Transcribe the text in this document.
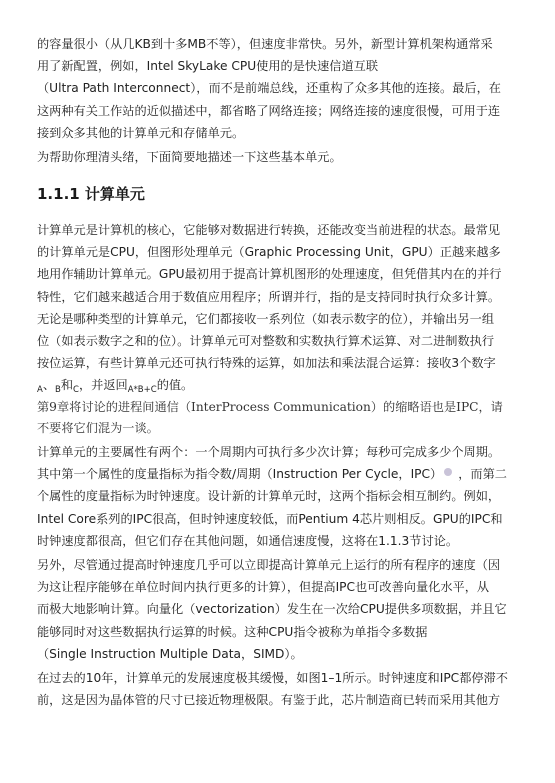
的容量很小（从几KB到十多MB不等），但速度非常快。另外，新型计算机架构通常采
用了新配置，例如，Intel SkyLake CPU使用的是快速信道互联
（Ultra Path Interconnect），而不是前端总线，还重构了众多其他的连接。最后，在
这两种有关工作站的近似描述中，都省略了网络连接；网络连接的速度很慢，可用于连
接到众多其他的计算单元和存储单元。

为帮助你理清头绪，下面简要地描述一下这些基本单元。

1.1.1 计算单元

计算单元是计算机的核心，它能够对数据进行转换，还能改变当前进程的状态。最常见
的计算单元是CPU，但图形处理单元（Graphic Processing Unit，GPU）正越来越多
地用作辅助计算单元。GPU最初用于提高计算机图形的处理速度，但凭借其内在的并行
特性，它们越来越适合用于数值应用程序；所谓并行，指的是支持同时执行众多计算。
无论是哪种类型的计算单元，它们都接收一系列位（如表示数字的位），并输出另一组
位（如表示数字之和的位）。计算单元可对整数和实数执行算术运算、对二进制数执行
按位运算，有些计算单元还可执行特殊的运算，如加法和乘法混合运算：接收3个数字
$_A$、$_B$和$_C$，并返回$_{A*B+C}$的值。

第9章将讨论的进程间通信（InterProcess Communication）的缩略语也是IPC，请
不要将它们混为一谈。

计算单元的主要属性有两个：一个周期内可执行多少次计算；每秒可完成多少个周期。
其中第一个属性的度量指标为指令数/周期（Instruction Per Cycle，IPC） ，而第二
个属性的度量指标为时钟速度。设计新的计算单元时，这两个指标会相互制约。例如，
Intel Core系列的IPC很高，但时钟速度较低，而Pentium 4芯片则相反。GPU的IPC和
时钟速度都很高，但它们存在其他问题，如通信速度慢，这将在1.1.3节讨论。

另外，尽管通过提高时钟速度几乎可以立即提高计算单元上运行的所有程序的速度（因
为这让程序能够在单位时间内执行更多的计算），但提高IPC也可改善向量化水平，从
而极大地影响计算。向量化（vectorization）发生在一次给CPU提供多项数据，并且它
能够同时对这些数据执行运算的时候。这种CPU指令被称为单指令多数据
（Single Instruction Multiple Data，SIMD）。

在过去的10年，计算单元的发展速度极其缓慢，如图1–1所示。时钟速度和IPC都停滞不
前，这是因为晶体管的尺寸已接近物理极限。有鉴于此，芯片制造商已转而采用其他方
